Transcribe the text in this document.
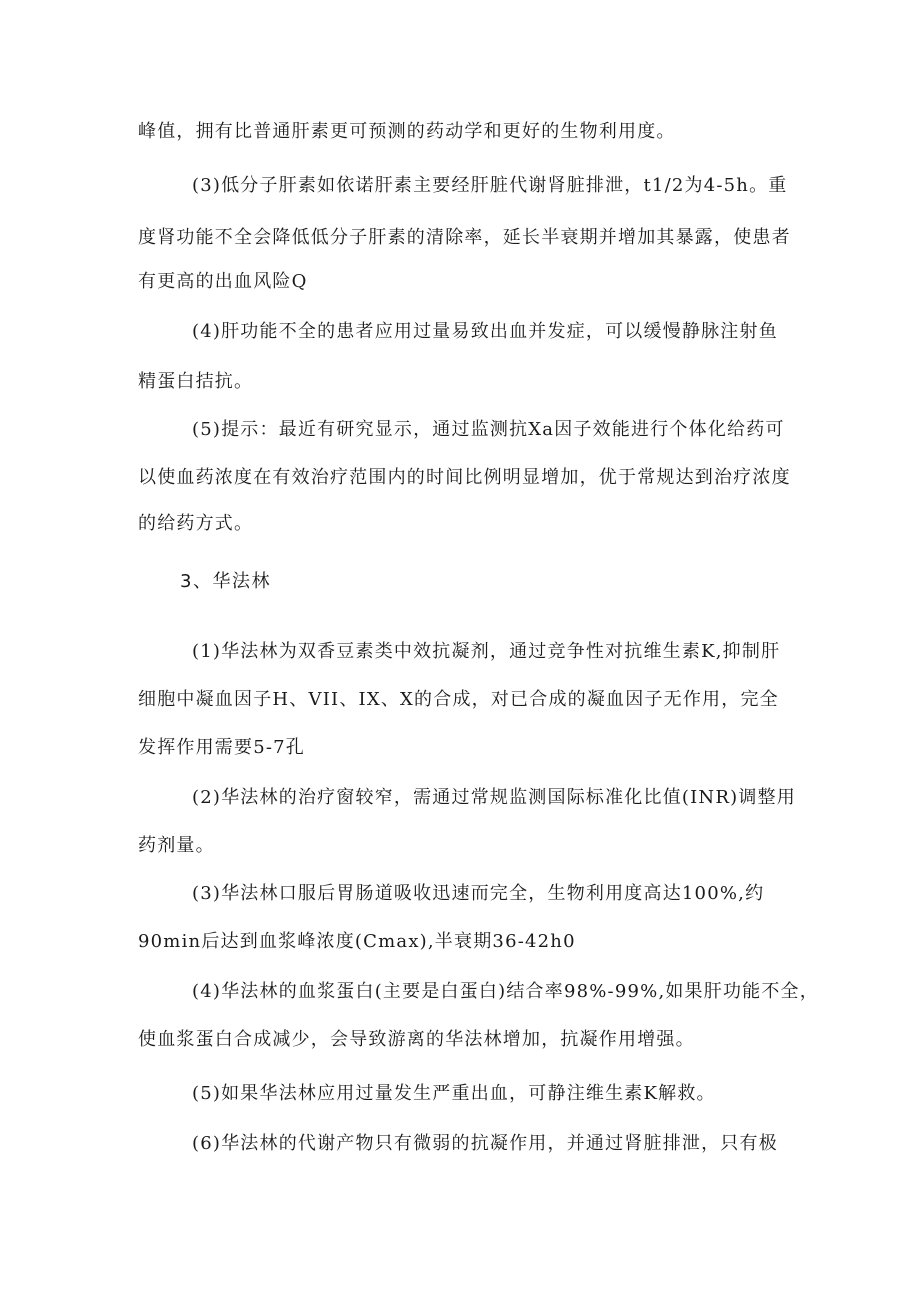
峰值，拥有比普通肝素更可预测的药动学和更好的生物利用度。
(3)低分子肝素如依诺肝素主要经肝脏代谢肾脏排泄，t1/2为4-5h。重
度肾功能不全会降低低分子肝素的清除率，延长半衰期并增加其暴露，使患者
有更高的出血风险Q
(4)肝功能不全的患者应用过量易致出血并发症，可以缓慢静脉注射鱼
精蛋白拮抗。
(5)提示：最近有研究显示，通过监测抗Xa因子效能进行个体化给药可
以使血药浓度在有效治疗范围内的时间比例明显增加，优于常规达到治疗浓度
的给药方式。
3、华法林
(1)华法林为双香豆素类中效抗凝剂，通过竞争性对抗维生素K,抑制肝
细胞中凝血因子H、VII、IX、X的合成，对已合成的凝血因子无作用，完全
发挥作用需要5-7孔
(2)华法林的治疗窗较窄，需通过常规监测国际标准化比值(INR)调整用
药剂量。
(3)华法林口服后胃肠道吸收迅速而完全，生物利用度高达100%,约
90min后达到血浆峰浓度(Cmax),半衰期36-42h0
(4)华法林的血浆蛋白(主要是白蛋白)结合率98%-99%,如果肝功能不全，
使血浆蛋白合成减少，会导致游离的华法林增加，抗凝作用增强。
(5)如果华法林应用过量发生严重出血，可静注维生素K解救。
(6)华法林的代谢产物只有微弱的抗凝作用，并通过肾脏排泄，只有极
